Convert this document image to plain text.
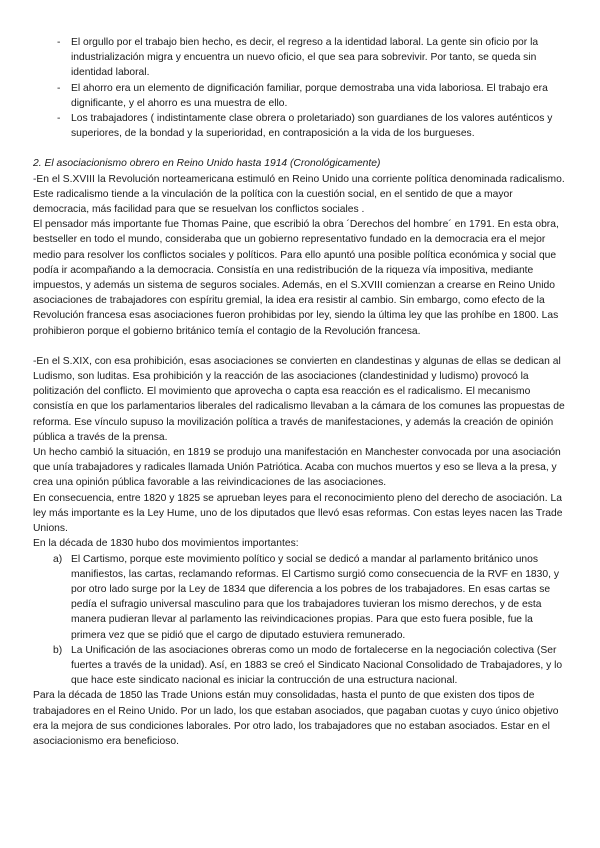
- El orgullo por el trabajo bien hecho, es decir, el regreso a la identidad laboral. La gente sin oficio por la industrialización migra y encuentra un nuevo oficio, el que sea para sobrevivir. Por tanto, se queda sin identidad laboral.
- El ahorro era un elemento de dignificación familiar, porque demostraba una vida laboriosa. El trabajo era dignificante, y el ahorro es una muestra de ello.
- Los trabajadores ( indistintamente clase obrera o proletariado) son guardianes de los valores auténticos y superiores, de la bondad y la superioridad, en contraposición a la vida de los burgueses.
2. El asociacionismo obrero en Reino Unido hasta 1914 (Cronológicamente)

-En el S.XVIII la Revolución norteamericana estimuló en Reino Unido una corriente política denominada radicalismo. Este radicalismo tiende a la vinculación de la política con la cuestión social, en el sentido de que a mayor democracia, más facilidad para que se resuelvan los conflictos sociales .

El pensador más importante fue Thomas Paine, que escribió la obra ´Derechos del hombre´ en 1791. En esta obra, bestseller en todo el mundo, consideraba que un gobierno representativo fundado en la democracia era el mejor medio para resolver los conflictos sociales y políticos. Para ello apuntó una posible política económica y social que podía ir acompañando a la democracia. Consistía en una redistribución de la riqueza vía impositiva, mediante impuestos, y además un sistema de seguros sociales. Además, en el S.XVIII comienzan a crearse en Reino Unido asociaciones de trabajadores con espíritu gremial, la idea era resistir al cambio. Sin embargo, como efecto de la Revolución francesa esas asociaciones fueron prohibidas por ley, siendo la última ley que las prohíbe en 1800. Las prohibieron porque el gobierno británico temía el contagio de la Revolución francesa.

-En el S.XIX, con esa prohibición, esas asociaciones se convierten en clandestinas y algunas de ellas se dedican al Ludismo, son luditas. Esa prohibición y la reacción de las asociaciones (clandestinidad y ludismo) provocó la politización del conflicto. El movimiento que aprovecha o capta esa reacción es el radicalismo. El mecanismo consistía en que los parlamentarios liberales del radicalismo llevaban a la cámara de los comunes las propuestas de reforma. Ese vínculo supuso la movilización política a través de manifestaciones, y además la creación de opinión pública a través de la prensa.

Un hecho cambió la situación, en 1819 se produjo una manifestación en Manchester convocada por una asociación que unía trabajadores y radicales llamada Unión Patriótica. Acaba con muchos muertos y eso se lleva a la presa, y crea una opinión pública favorable a las reivindicaciones de las asociaciones.

En consecuencia, entre 1820 y 1825 se aprueban leyes para el reconocimiento pleno del derecho de asociación. La ley más importante es la Ley Hume, uno de los diputados que llevó esas reformas. Con estas leyes nacen las Trade Unions.

En la década de 1830 hubo dos movimientos importantes:

a) El Cartismo, porque este movimiento político y social se dedicó a mandar al parlamento británico unos manifiestos, las cartas, reclamando reformas. El Cartismo surgió como consecuencia de la RVF en 1830, y por otro lado surge por la Ley de 1834 que diferencia a los pobres de los trabajadores. En esas cartas se pedía el sufragio universal masculino para que los trabajadores tuvieran los mismo derechos, y de esta manera pudieran llevar al parlamento las reivindicaciones propias. Para que esto fuera posible, fue la primera vez que se pidió que el cargo de diputado estuviera remunerado.
b) La Unificación de las asociaciones obreras como un modo de fortalecerse en la negociación colectiva (Ser fuertes a través de la unidad). Así, en 1883 se creó el Sindicato Nacional Consolidado de Trabajadores, y lo que hace este sindicato nacional es iniciar la contrucción de una estructura nacional.

Para la década de 1850 las Trade Unions están muy consolidadas, hasta el punto de que existen dos tipos de trabajadores en el Reino Unido. Por un lado, los que estaban asociados, que pagaban cuotas y cuyo único objetivo era la mejora de sus condiciones laborales. Por otro lado, los trabajadores que no estaban asociados. Estar en el asociacionismo era beneficioso.
